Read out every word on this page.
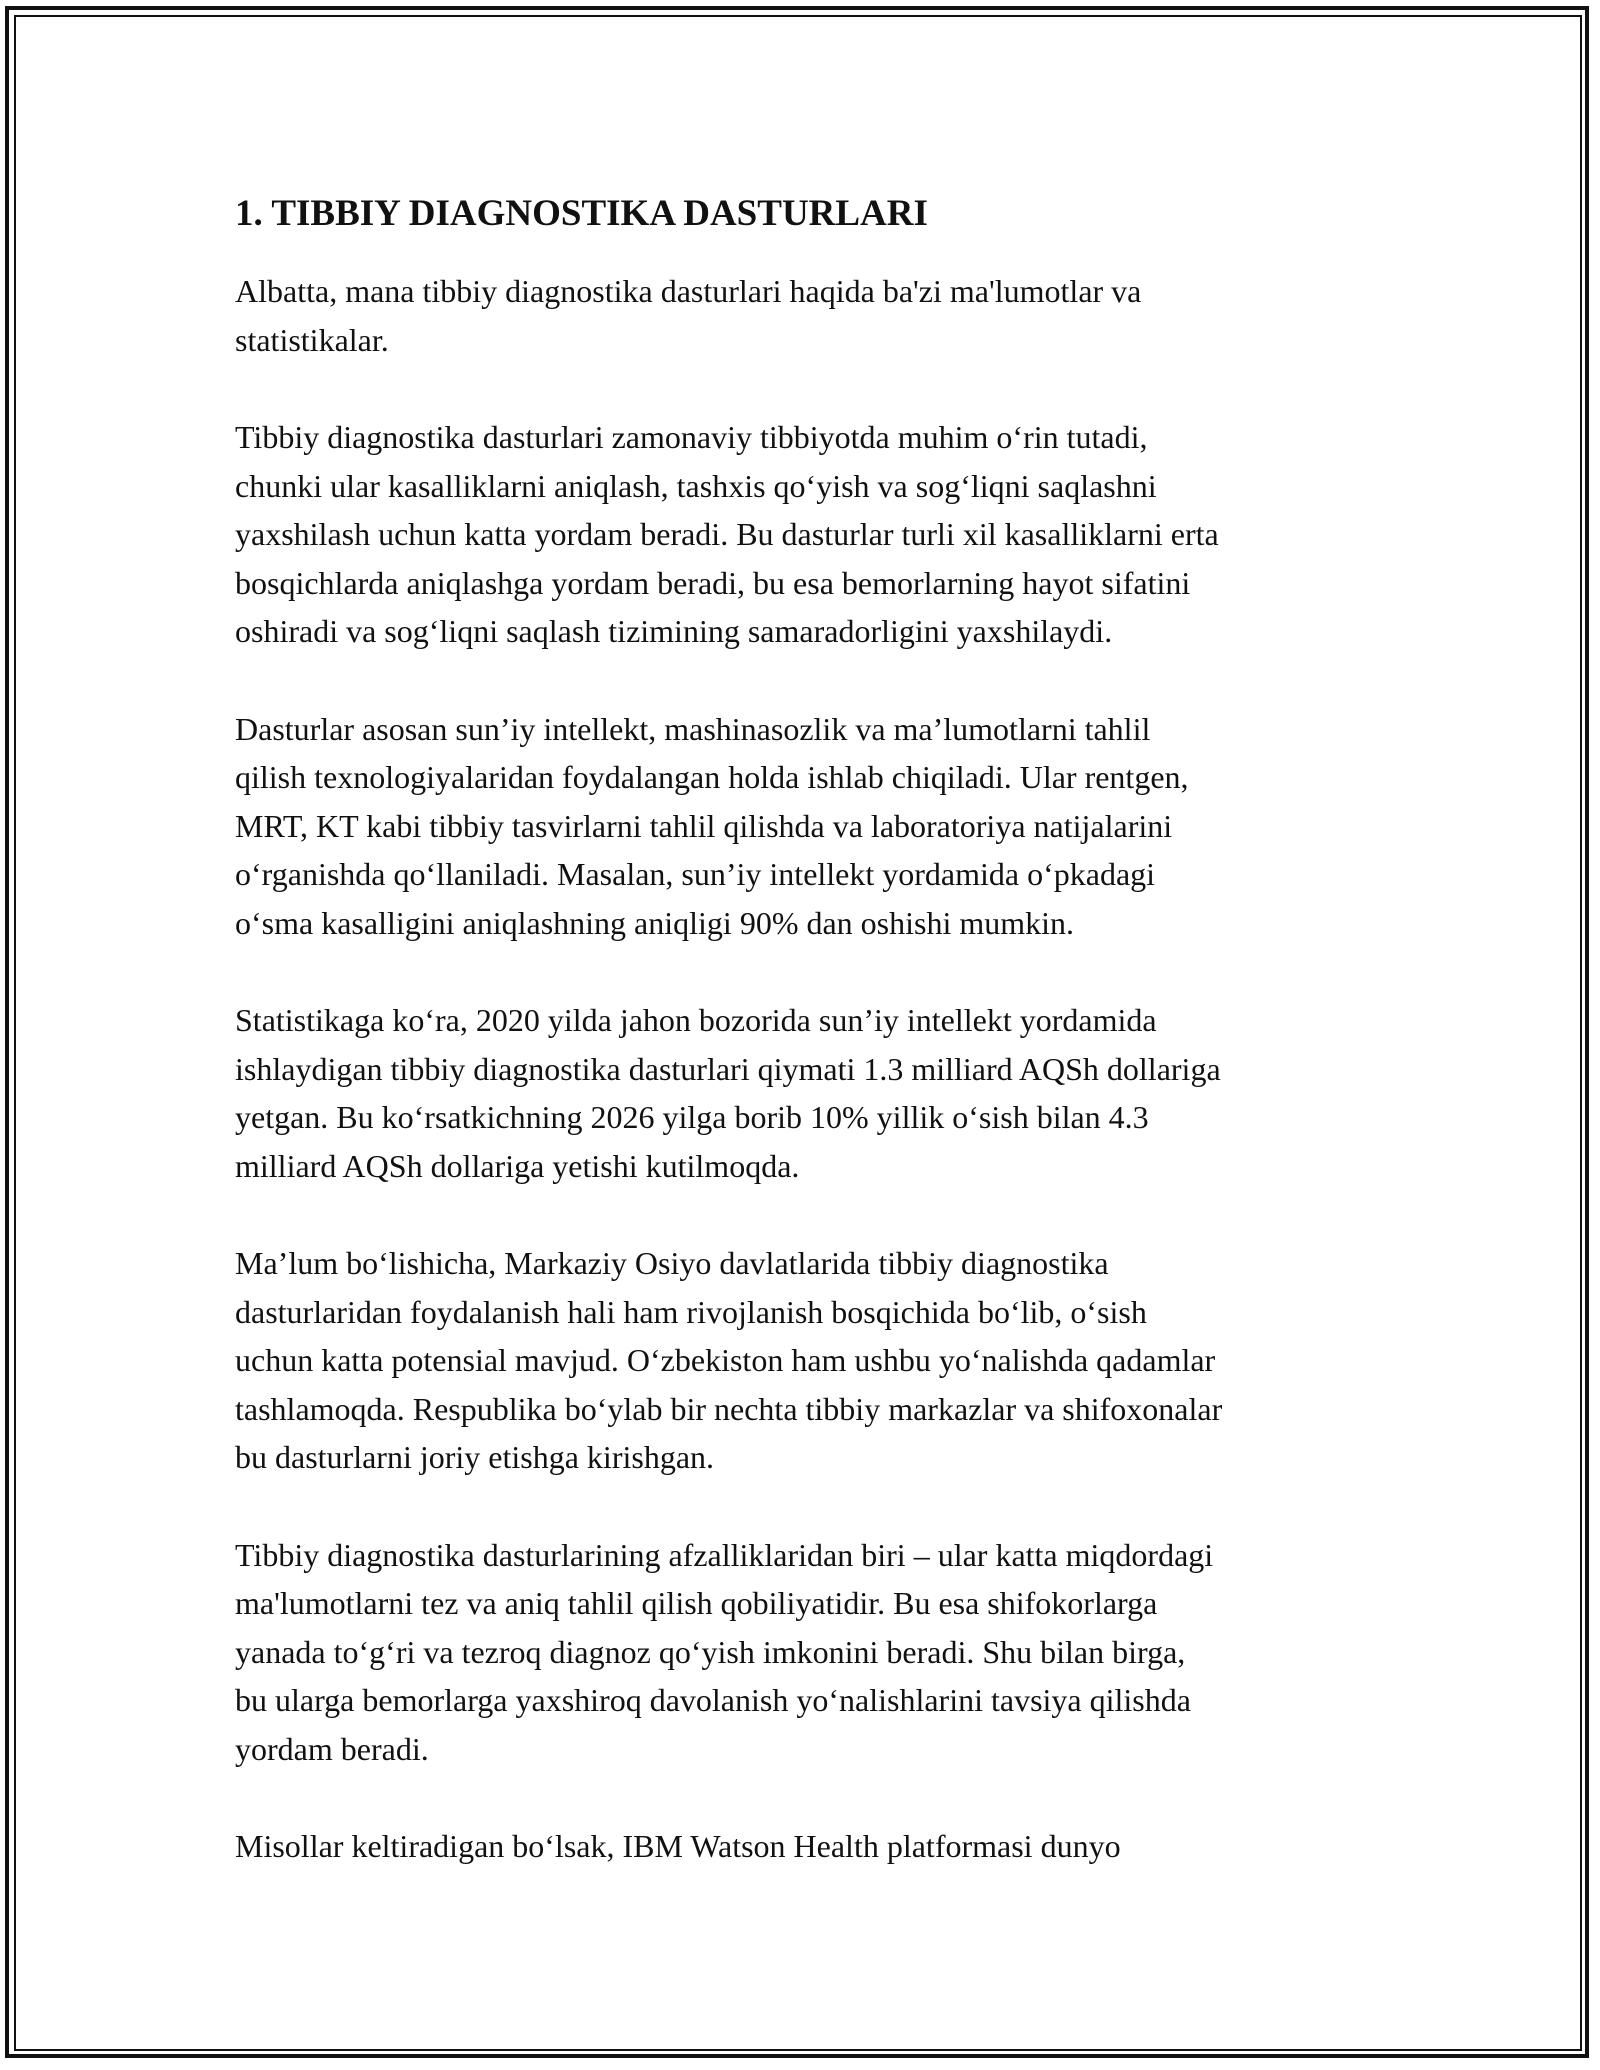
1. TIBBIY DIAGNOSTIKA DASTURLARI

Albatta, mana tibbiy diagnostika dasturlari haqida ba'zi ma'lumotlar va
statistikalar.

Tibbiy diagnostika dasturlari zamonaviy tibbiyotda muhim o‘rin tutadi,
chunki ular kasalliklarni aniqlash, tashxis qo‘yish va sog‘liqni saqlashni
yaxshilash uchun katta yordam beradi. Bu dasturlar turli xil kasalliklarni erta
bosqichlarda aniqlashga yordam beradi, bu esa bemorlarning hayot sifatini
oshiradi va sog‘liqni saqlash tizimining samaradorligini yaxshilaydi.

Dasturlar asosan sun’iy intellekt, mashinasozlik va ma’lumotlarni tahlil
qilish texnologiyalaridan foydalangan holda ishlab chiqiladi. Ular rentgen,
MRT, KT kabi tibbiy tasvirlarni tahlil qilishda va laboratoriya natijalarini
o‘rganishda qo‘llaniladi. Masalan, sun’iy intellekt yordamida o‘pkadagi
o‘sma kasalligini aniqlashning aniqligi 90% dan oshishi mumkin.

Statistikaga ko‘ra, 2020 yilda jahon bozorida sun’iy intellekt yordamida
ishlaydigan tibbiy diagnostika dasturlari qiymati 1.3 milliard AQSh dollariga
yetgan. Bu ko‘rsatkichning 2026 yilga borib 10% yillik o‘sish bilan 4.3
milliard AQSh dollariga yetishi kutilmoqda.

Ma’lum bo‘lishicha, Markaziy Osiyo davlatlarida tibbiy diagnostika
dasturlaridan foydalanish hali ham rivojlanish bosqichida bo‘lib, o‘sish
uchun katta potensial mavjud. O‘zbekiston ham ushbu yo‘nalishda qadamlar
tashlamoqda. Respublika bo‘ylab bir nechta tibbiy markazlar va shifoxonalar
bu dasturlarni joriy etishga kirishgan.

Tibbiy diagnostika dasturlarining afzalliklaridan biri – ular katta miqdordagi
ma'lumotlarni tez va aniq tahlil qilish qobiliyatidir. Bu esa shifokorlarga
yanada to‘g‘ri va tezroq diagnoz qo‘yish imkonini beradi. Shu bilan birga,
bu ularga bemorlarga yaxshiroq davolanish yo‘nalishlarini tavsiya qilishda
yordam beradi.

Misollar keltiradigan bo‘lsak, IBM Watson Health platformasi dunyo
